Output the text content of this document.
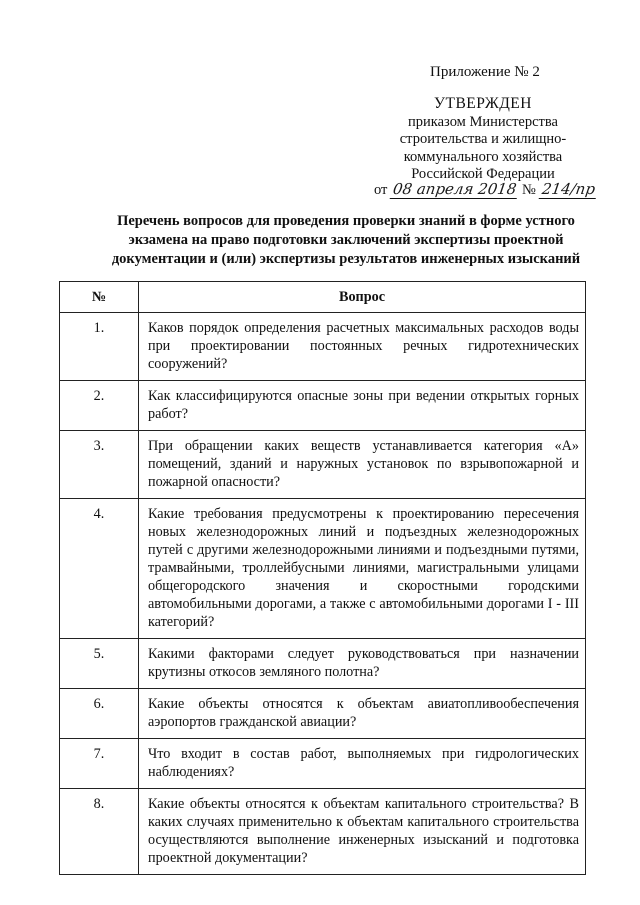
Приложение № 2
УТВЕРЖДЕН
приказом Министерства
строительства и жилищно-
коммунального хозяйства
Российской Федерации
от 08 апреля 2018 № 214/пр
Перечень вопросов для проведения проверки знаний в форме устного
экзамена на право подготовки заключений экспертизы проектной
документации и (или) экспертизы результатов инженерных изысканий
№	Вопрос
1.	Каков порядок определения расчетных максимальных расходов воды при проектировании постоянных речных гидротехнических сооружений?
2.	Как классифицируются опасные зоны при ведении открытых горных работ?
3.	При обращении каких веществ устанавливается категория «А» помещений, зданий и наружных установок по взрывопожарной и пожарной опасности?
4.	Какие требования предусмотрены к проектированию пересечения новых железнодорожных линий и подъездных железнодорожных путей с другими железнодорожными линиями и подъездными путями, трамвайными, троллейбусными линиями, магистральными улицами общегородского значения и скоростными городскими автомобильными дорогами, а также с автомобильными дорогами I - III категорий?
5.	Какими факторами следует руководствоваться при назначении крутизны откосов земляного полотна?
6.	Какие объекты относятся к объектам авиатопливообеспечения аэропортов гражданской авиации?
7.	Что входит в состав работ, выполняемых при гидрологических наблюдениях?
8.	Какие объекты относятся к объектам капитального строительства? В каких случаях применительно к объектам капитального строительства осуществляются выполнение инженерных изысканий и подготовка проектной документации?
